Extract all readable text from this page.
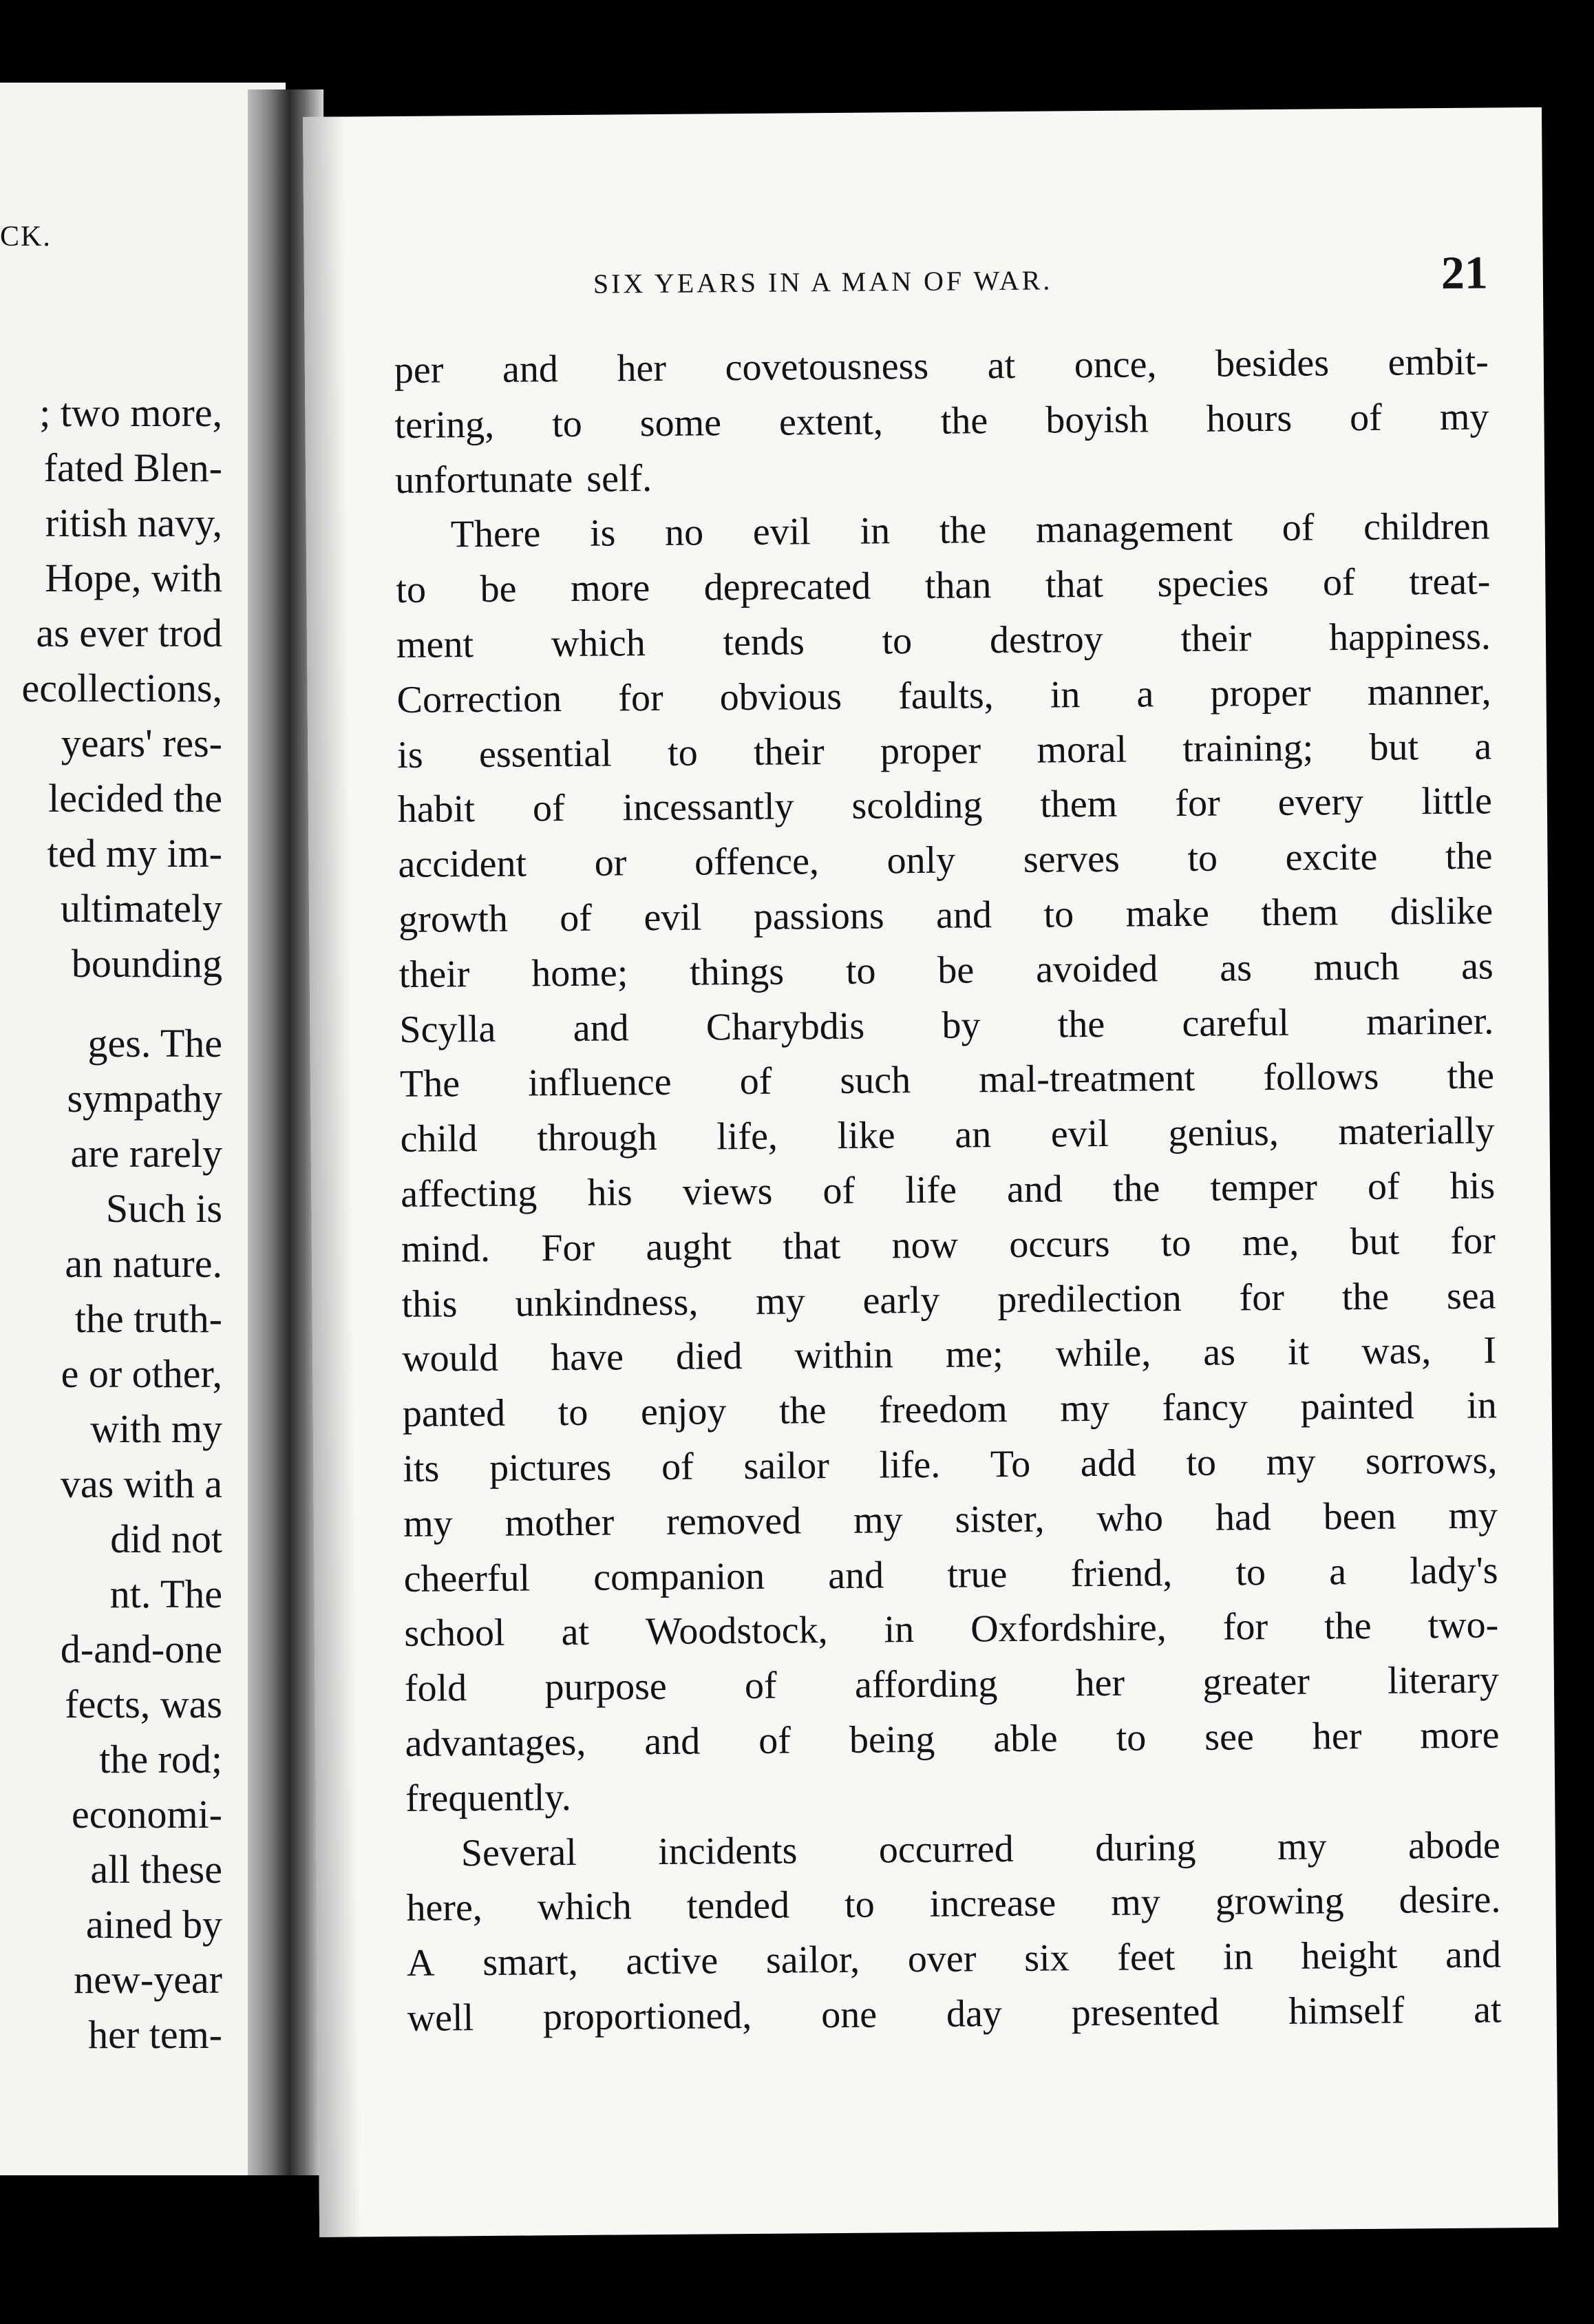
CK.
; two more,
fated Blen-
ritish navy,
Hope, with
as ever trod
ecollections,
years' res-
lecided the
ted my im-
ultimately
bounding
ges. The
sympathy
are rarely
Such is
an nature.
the truth-
e or other,
with my
vas with a
did not
nt. The
d-and-one
fects, was
the rod;
economi-
all these
ained by
new-year
her tem-
SIX YEARS IN A MAN OF WAR.	21
per and her covetousness at once, besides embit-
tering, to some extent, the boyish hours of my
unfortunate self.
There is no evil in the management of children
to be more deprecated than that species of treat-
ment which tends to destroy their happiness.
Correction for obvious faults, in a proper manner,
is essential to their proper moral training; but a
habit of incessantly scolding them for every little
accident or offence, only serves to excite the
growth of evil passions and to make them dislike
their home; things to be avoided as much as
Scylla and Charybdis by the careful mariner.
The influence of such mal-treatment follows the
child through life, like an evil genius, materially
affecting his views of life and the temper of his
mind. For aught that now occurs to me, but for
this unkindness, my early predilection for the sea
would have died within me; while, as it was, I
panted to enjoy the freedom my fancy painted in
its pictures of sailor life. To add to my sorrows,
my mother removed my sister, who had been my
cheerful companion and true friend, to a lady's
school at Woodstock, in Oxfordshire, for the two-
fold purpose of affording her greater literary
advantages, and of being able to see her more
frequently.
Several incidents occurred during my abode
here, which tended to increase my growing desire.
A smart, active sailor, over six feet in height and
well proportioned, one day presented himself at
